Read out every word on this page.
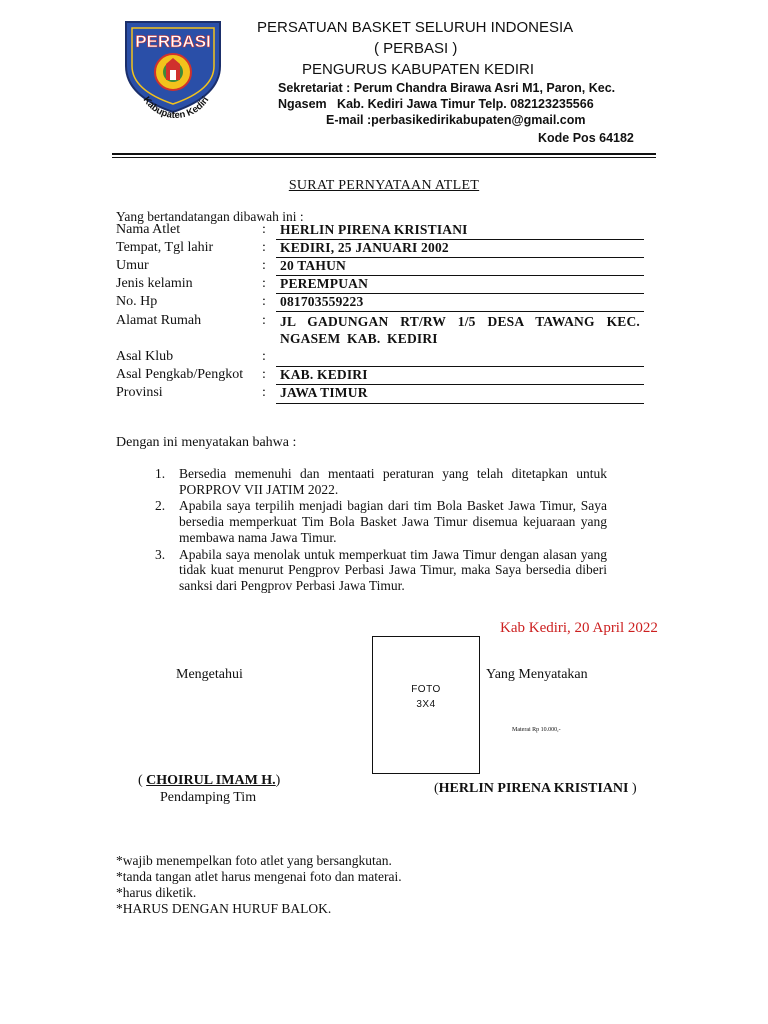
PERBASI
Kabupaten Kediri
PERSATUAN BASKET SELURUH INDONESIA
( PERBASI )
PENGURUS KABUPATEN KEDIRI
Sekretariat : Perum Chandra Birawa Asri M1, Paron, Kec.
Ngasem   Kab. Kediri Jawa Timur Telp. 082123235566
E-mail :perbasikedirikabupaten@gmail.com
Kode Pos 64182
SURAT PERNYATAAN ATLET
Yang bertandatangan dibawah ini :
Nama Atlet	: HERLIN PIRENA KRISTIANI
Tempat, Tgl lahir	: KEDIRI, 25 JANUARI 2002
Umur	: 20 TAHUN
Jenis kelamin	: PEREMPUAN
No. Hp	: 081703559223
Alamat Rumah	: JL GADUNGAN RT/RW 1/5 DESA TAWANG KEC. NGASEM KAB. KEDIRI
Asal Klub	:
Asal Pengkab/Pengkot : KAB. KEDIRI
Provinsi	: JAWA TIMUR
Dengan ini menyatakan bahwa :
1. Bersedia memenuhi dan mentaati peraturan yang telah ditetapkan untuk PORPROV VII JATIM 2022.
2. Apabila saya terpilih menjadi bagian dari tim Bola Basket Jawa Timur, Saya bersedia memperkuat Tim Bola Basket Jawa Timur disemua kejuaraan yang membawa nama Jawa Timur.
3. Apabila saya menolak untuk memperkuat tim Jawa Timur dengan alasan yang tidak kuat menurut Pengprov Perbasi Jawa Timur, maka Saya bersedia diberi sanksi dari Pengprov Perbasi Jawa Timur.
Kab Kediri, 20 April 2022
FOTO
3X4
Mengetahui	Yang Menyatakan
Materai Rp 10.000,-
( CHOIRUL IMAM H.)
Pendamping Tim
(HERLIN PIRENA KRISTIANI )
*wajib menempelkan foto atlet yang bersangkutan.
*tanda tangan atlet harus mengenai foto dan materai.
*harus diketik.
*HARUS DENGAN HURUF BALOK.
